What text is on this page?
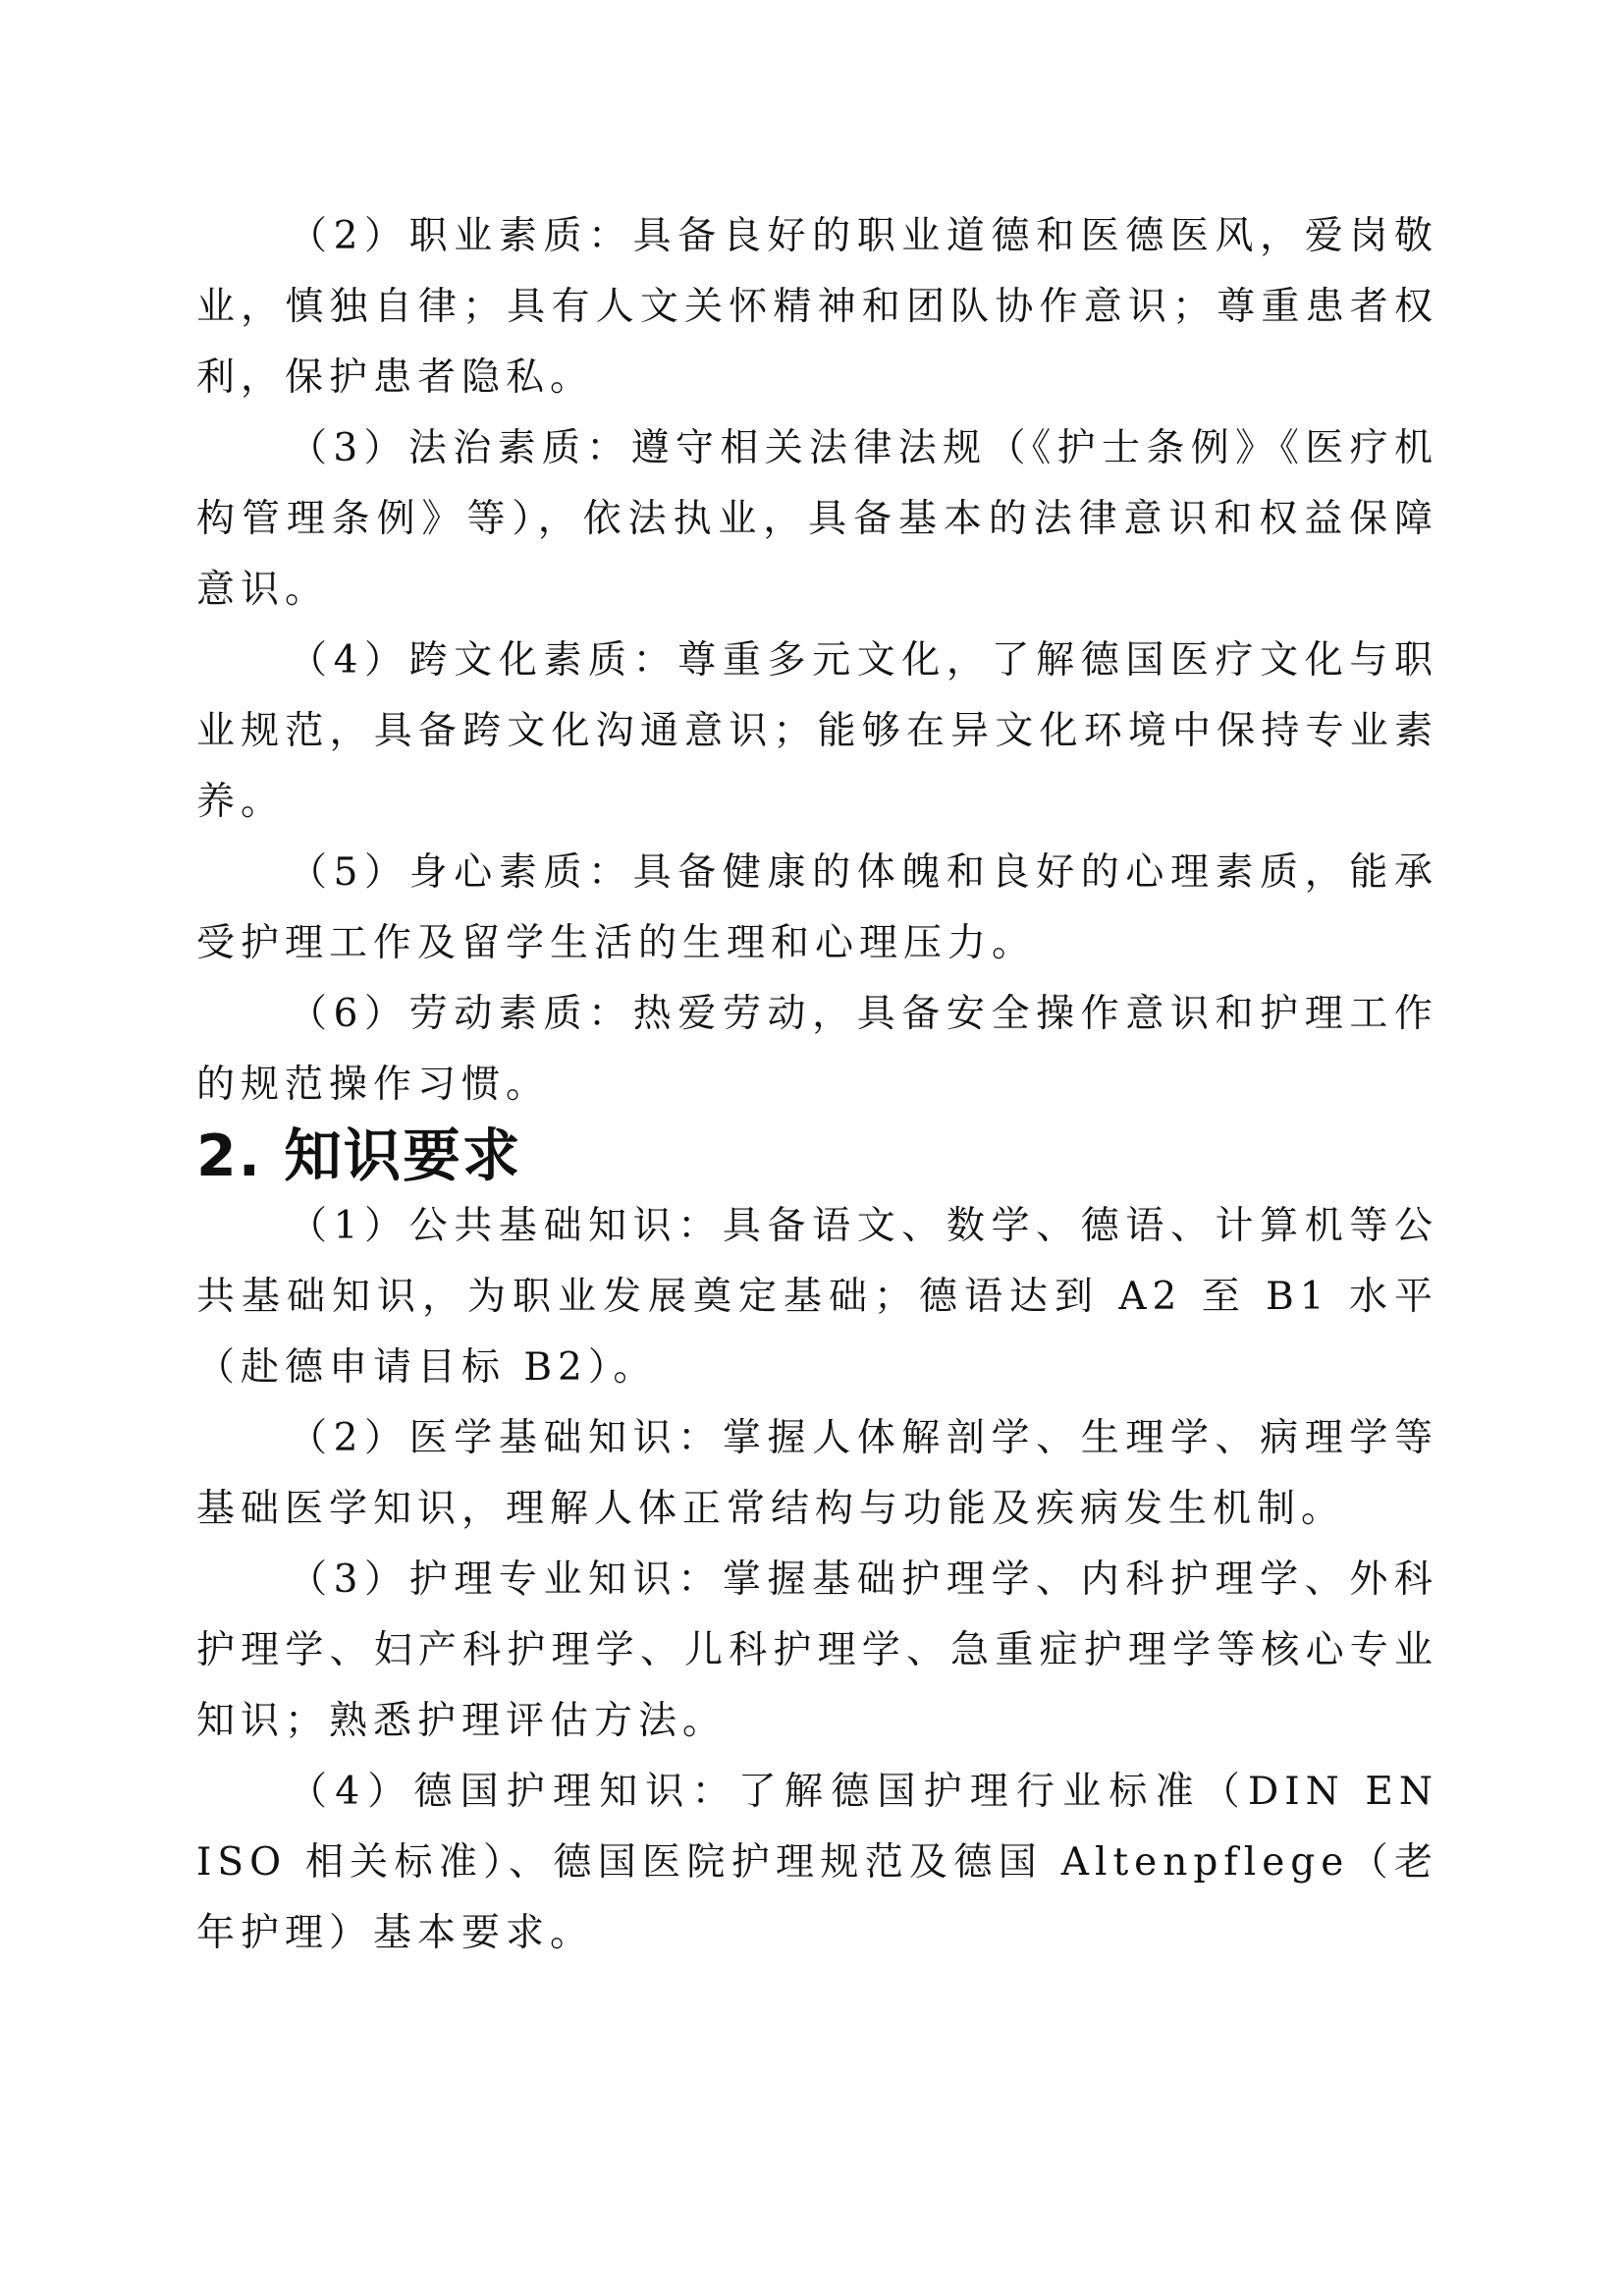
（2）职业素质：具备良好的职业道德和医德医风，爱岗敬业，慎独自律；具有人文关怀精神和团队协作意识；尊重患者权利，保护患者隐私。

（3）法治素质：遵守相关法律法规（《护士条例》《医疗机构管理条例》等），依法执业，具备基本的法律意识和权益保障意识。

（4）跨文化素质：尊重多元文化，了解德国医疗文化与职业规范，具备跨文化沟通意识；能够在异文化环境中保持专业素养。

（5）身心素质：具备健康的体魄和良好的心理素质，能承受护理工作及留学生活的生理和心理压力。

（6）劳动素质：热爱劳动，具备安全操作意识和护理工作的规范操作习惯。

2. 知识要求

（1）公共基础知识：具备语文、数学、德语、计算机等公共基础知识，为职业发展奠定基础；德语达到 A2 至 B1 水平（赴德申请目标 B2）。

（2）医学基础知识：掌握人体解剖学、生理学、病理学等基础医学知识，理解人体正常结构与功能及疾病发生机制。

（3）护理专业知识：掌握基础护理学、内科护理学、外科护理学、妇产科护理学、儿科护理学、急重症护理学等核心专业知识；熟悉护理评估方法。

（4）德国护理知识：了解德国护理行业标准（DIN EN ISO 相关标准）、德国医院护理规范及德国 Altenpflege（老年护理）基本要求。
